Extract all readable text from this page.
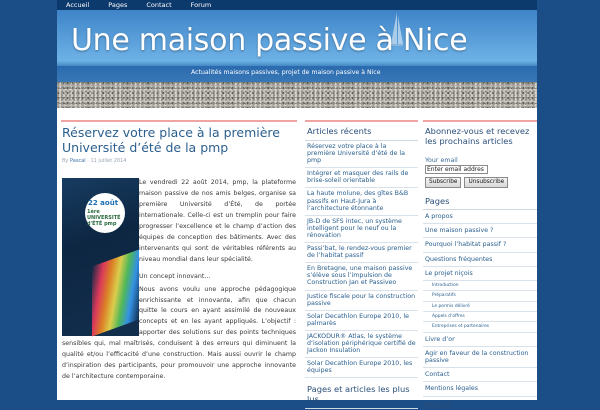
Accueil	Pages	Contact	Forum
Une maison passive à Nice
Actualités maisons passives, projet de maison passive à Nice
Réservez votre place à la première Université d’été de la pmp
By Pascal · 11 juillet 2014
22 août
1ère
UNIVERSITÉ
d'ÉTÉ pmp

Le vendredi 22 août 2014, pmp, la plateforme maison passive de nos amis belges, organise sa première Université d’Été, de portée internationale. Celle-ci est un tremplin pour faire progresser l’excellence et le champ d’action des équipes de conception des bâtiments. Avec des intervenants qui sont de véritables référents au niveau mondial dans leur spécialité.

Un concept innovant…

Nous avons voulu une approche pédagogique enrichissante et innovante, afin que chacun quitte le cours en ayant assimilé de nouveaux concepts et en les ayant appliqués. L’objectif : apporter des solutions sur des points techniques sensibles qui, mal maîtrisés, conduisent à des erreurs qui diminuent la qualité et/ou l’efficacité d’une construction. Mais aussi ouvrir le champ d’inspiration des participants, pour promouvoir une approche innovante de l’architecture contemporaine.

Articles récents
Réservez votre place à la première Université d’été de la pmp
Intégrer et masquer des rails de brise-soleil orientable
La haute molune, des gîtes B&B passifs en Haut-Jura à l’architecture étonnante
JB-D de SFS intec, un système intelligent pour le neuf ou la rénovation
Passi’bat, le rendez-vous premier de l’habitat passif
En Bretagne, une maison passive s’élève sous l’impulsion de Construction Jan et Passiveo
Justice fiscale pour la construction passive
Solar Decathlon Europe 2010, le palmarès
JACKODUR® Atlas, le système d’isolation périphérique certifié de Jackon Insulation
Solar Decathlon Europe 2010, les équipes
Pages et articles les plus lus
Abonnez-vous et recevez les prochains articles
Your email
Enter email addres
Subscribe	Unsubscribe
Pages
A propos
Une maison passive ?
Pourquoi l’habitat passif ?
Questions fréquentes
Le projet niçois
Introduction
Préparatifs
Le permis délivré
Appels d’offres
Entreprises et partenaires
Livre d’or
Agir en faveur de la construction passive
Contact
Mentions légales
Météo
